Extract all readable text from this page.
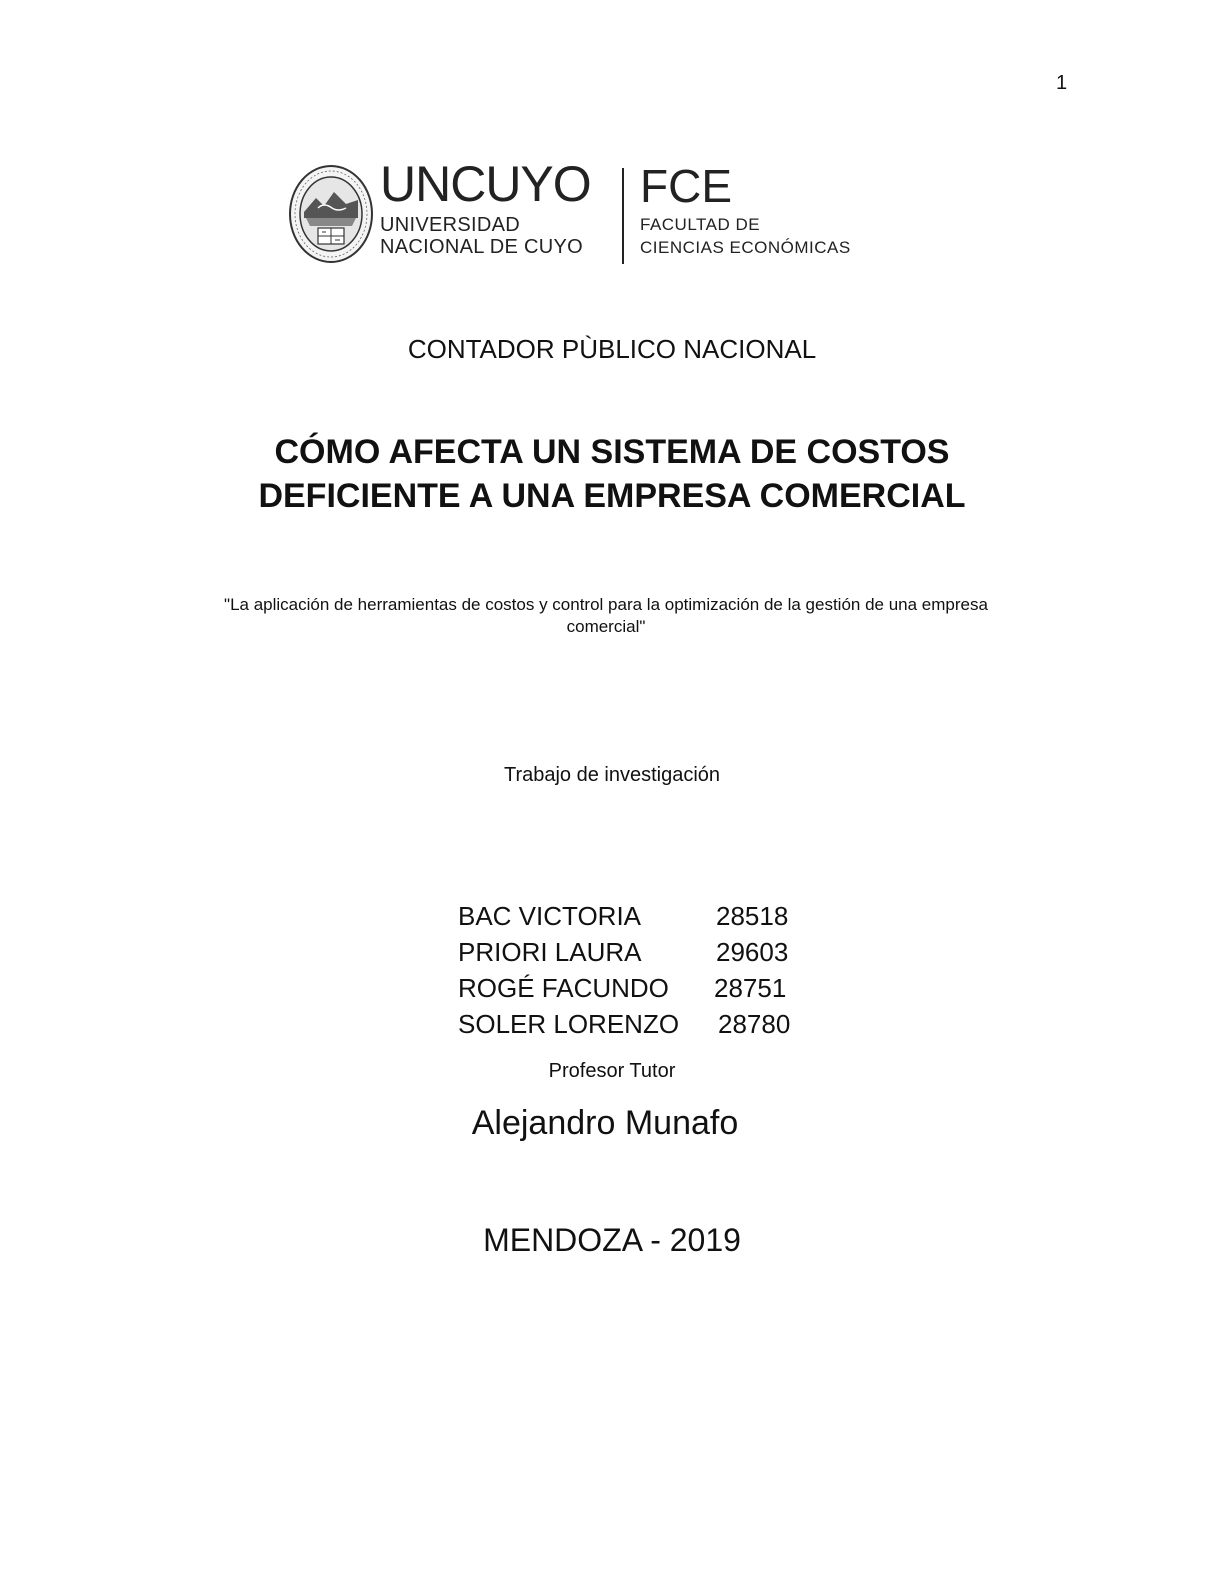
1
UNCUYO
UNIVERSIDAD
NACIONAL DE CUYO
FCE
FACULTAD DE
CIENCIAS ECONÓMICAS
CONTADOR PÙBLICO NACIONAL
CÓMO AFECTA UN SISTEMA DE COSTOS
DEFICIENTE A UNA EMPRESA COMERCIAL
"La aplicación de herramientas de costos y control para la optimización de la gestión de una empresa
comercial"
Trabajo de investigación
BAC VICTORIA	28518
PRIORI LAURA	29603
ROGÉ FACUNDO 28751
SOLER LORENZO 28780
Profesor Tutor
Alejandro Munafo
MENDOZA - 2019
